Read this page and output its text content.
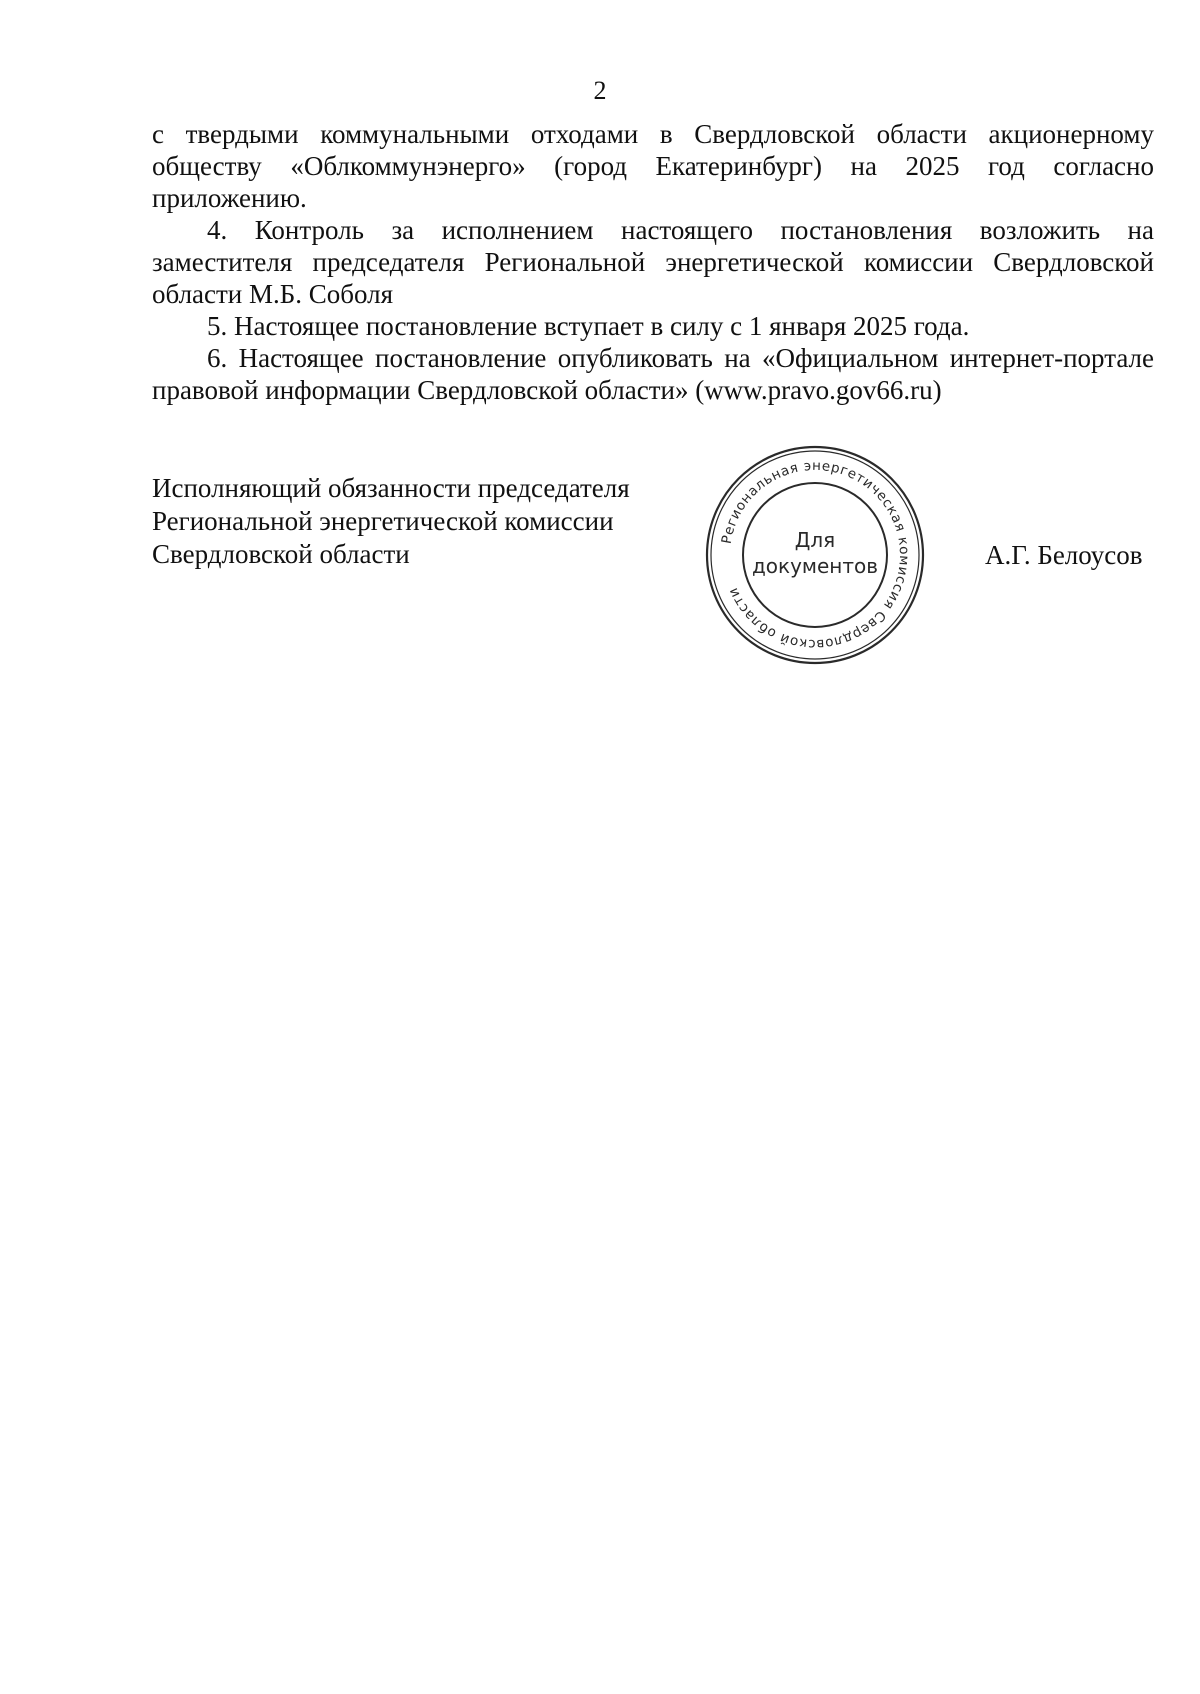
2

с твердыми коммунальными отходами в Свердловской области акционерному обществу «Облкоммунэнерго» (город Екатеринбург) на 2025 год согласно приложению.

4. Контроль за исполнением настоящего постановления возложить на заместителя председателя Региональной энергетической комиссии Свердловской области М.Б. Соболя

5. Настоящее постановление вступает в силу с 1 января 2025 года.

6. Настоящее постановление опубликовать на «Официальном интернет-портале правовой информации Свердловской области» (www.pravo.gov66.ru)

Исполняющий обязанности председателя
Региональной энергетической комиссии
Свердловской области	Региональная энергетическая комиссия Свердловской области
Для
документов	А.Г. Белоусов
